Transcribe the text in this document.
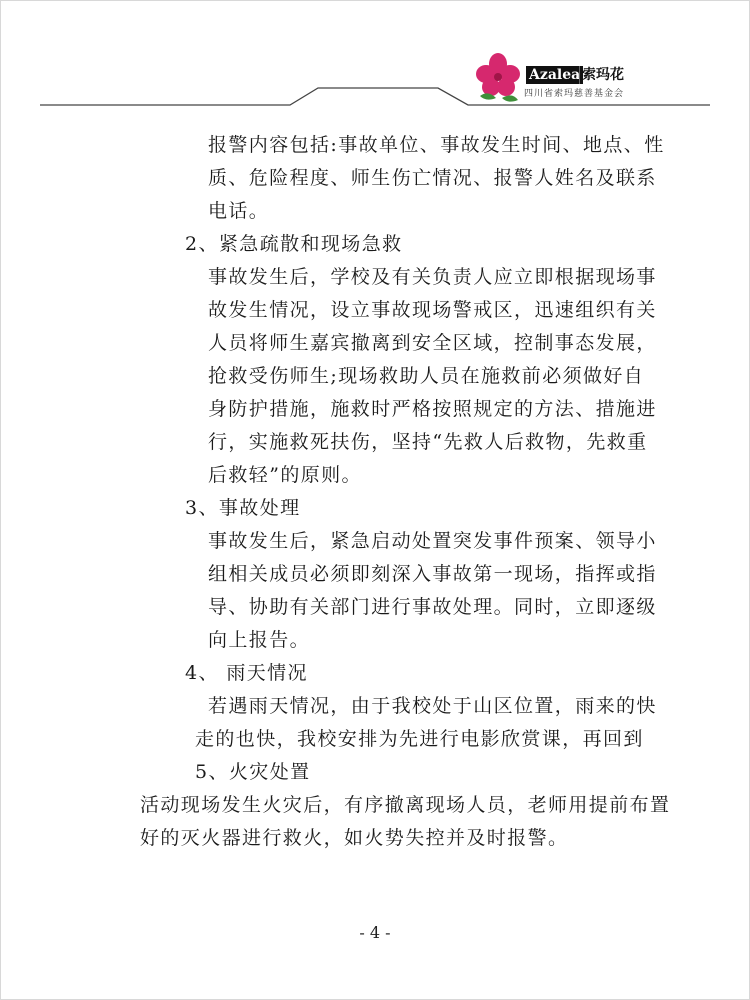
Azalea 索玛花
四川省索玛慈善基金会
报警内容包括:事故单位、事故发生时间、地点、性
质、危险程度、师生伤亡情况、报警人姓名及联系
电话。
2、紧急疏散和现场急救
事故发生后，学校及有关负责人应立即根据现场事
故发生情况，设立事故现场警戒区，迅速组织有关
人员将师生嘉宾撤离到安全区域，控制事态发展，
抢救受伤师生;现场救助人员在施救前必须做好自
身防护措施，施救时严格按照规定的方法、措施进
行，实施救死扶伤，坚持“先救人后救物，先救重
后救轻”的原则。
3、事故处理
事故发生后，紧急启动处置突发事件预案、领导小
组相关成员必须即刻深入事故第一现场，指挥或指
导、协助有关部门进行事故处理。同时，立即逐级
向上报告。
4、 雨天情况
若遇雨天情况，由于我校处于山区位置，雨来的快
走的也快，我校安排为先进行电影欣赏课，再回到
5、火灾处置
活动现场发生火灾后，有序撤离现场人员，老师用提前布置
好的灭火器进行救火，如火势失控并及时报警。
- 4 -
